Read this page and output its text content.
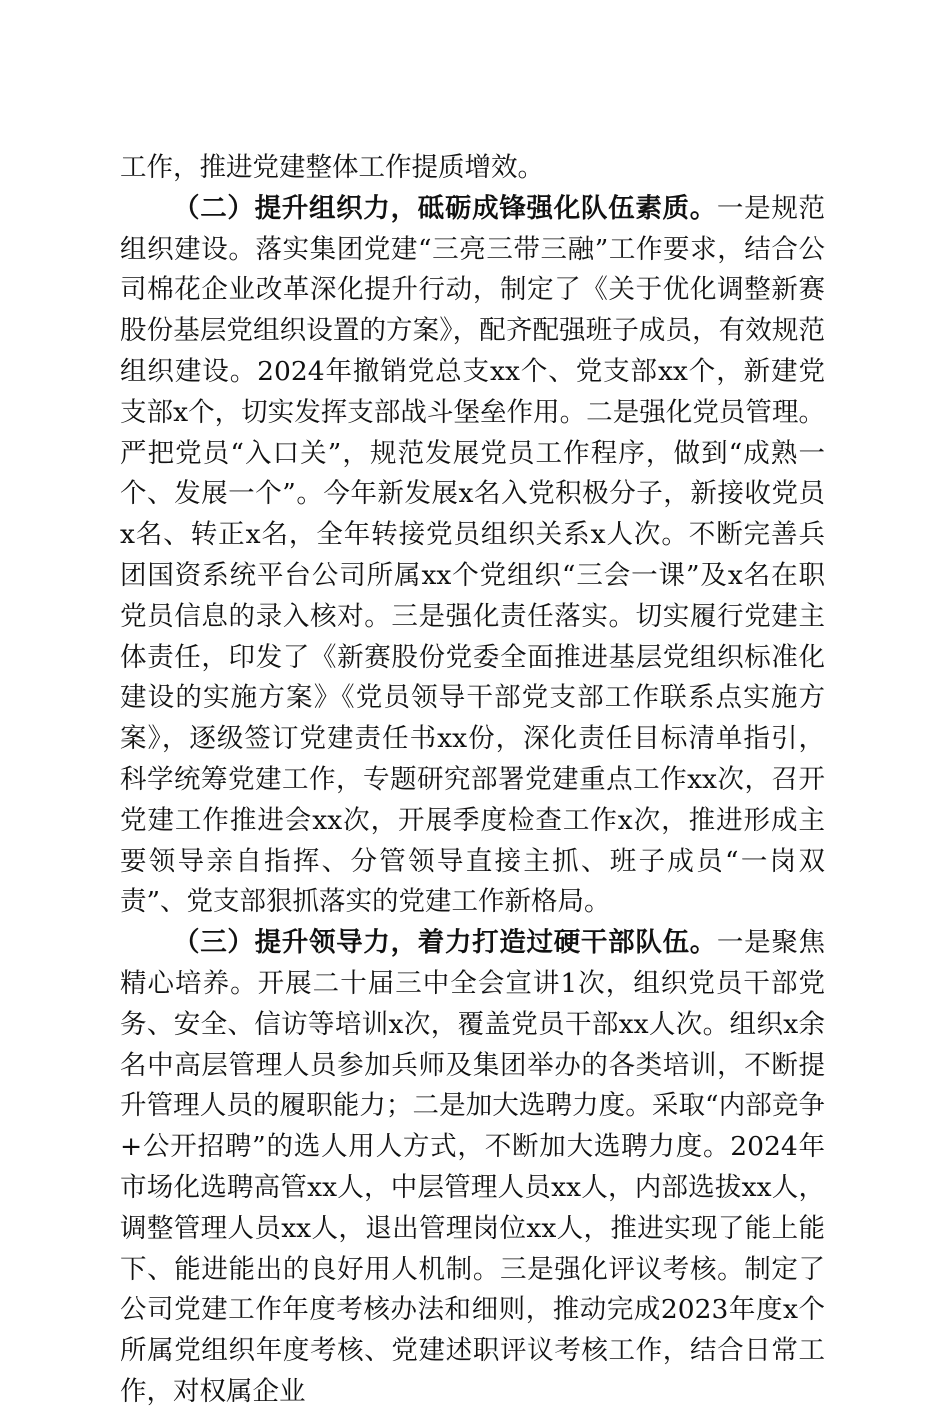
工作，推进党建整体工作提质增效。

（二）提升组织力，砥砺成锋强化队伍素质。一是规范组织建设。落实集团党建“三亮三带三融”工作要求，结合公司棉花企业改革深化提升行动，制定了《关于优化调整新赛股份基层党组织设置的方案》，配齐配强班子成员，有效规范组织建设。2024年撤销党总支xx个、党支部xx个，新建党支部x个，切实发挥支部战斗堡垒作用。二是强化党员管理。严把党员“入口关”，规范发展党员工作程序，做到“成熟一个、发展一个”。今年新发展x名入党积极分子，新接收党员x名、转正x名，全年转接党员组织关系x人次。不断完善兵团国资系统平台公司所属xx个党组织“三会一课”及x名在职党员信息的录入核对。三是强化责任落实。切实履行党建主体责任，印发了《新赛股份党委全面推进基层党组织标准化建设的实施方案》《党员领导干部党支部工作联系点实施方案》，逐级签订党建责任书xx份，深化责任目标清单指引，科学统筹党建工作，专题研究部署党建重点工作xx次，召开党建工作推进会xx次，开展季度检查工作x次，推进形成主要领导亲自指挥、分管领导直接主抓、班子成员“一岗双责”、党支部狠抓落实的党建工作新格局。

（三）提升领导力，着力打造过硬干部队伍。一是聚焦精心培养。开展二十届三中全会宣讲1次，组织党员干部党务、安全、信访等培训x次，覆盖党员干部xx人次。组织x余名中高层管理人员参加兵师及集团举办的各类培训，不断提升管理人员的履职能力；二是加大选聘力度。采取“内部竞争+公开招聘”的选人用人方式，不断加大选聘力度。2024年市场化选聘高管xx人，中层管理人员xx人，内部选拔xx人，调整管理人员xx人，退出管理岗位xx人，推进实现了能上能下、能进能出的良好用人机制。三是强化评议考核。制定了公司党建工作年度考核办法和细则，推动完成2023年度x个所属党组织年度考核、党建述职评议考核工作，结合日常工作，对权属企业
